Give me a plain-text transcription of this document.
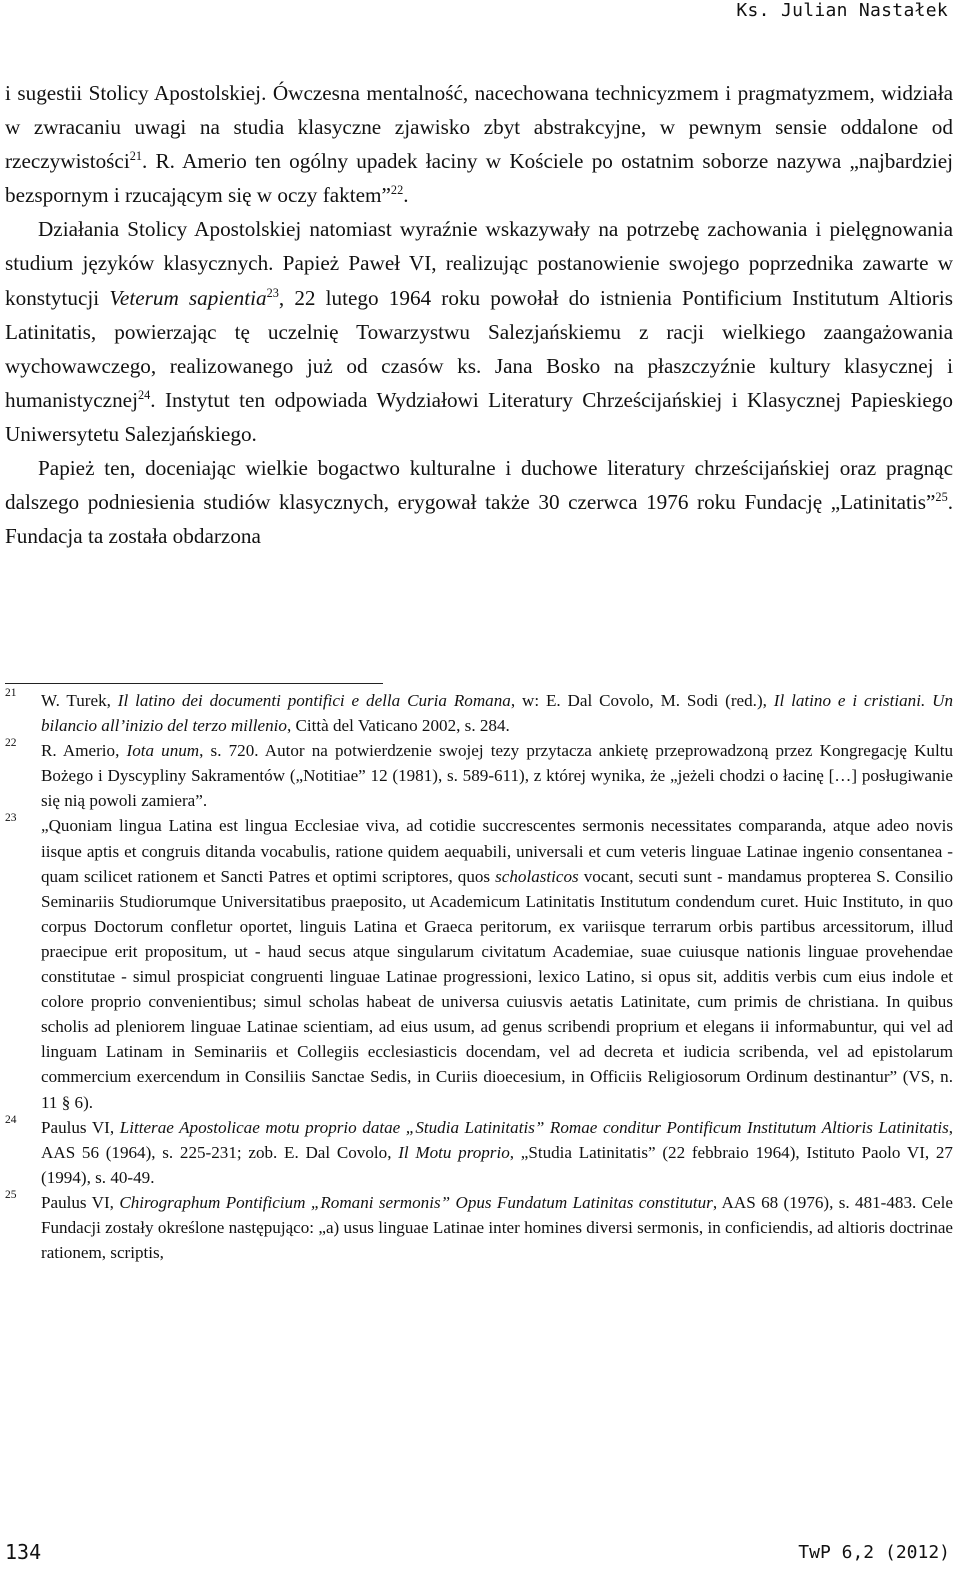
Ks. Julian Nastałek

i sugestii Stolicy Apostolskiej. Ówczesna mentalność, nacechowana technicyzmem i pragmatyzmem, widziała w zwracaniu uwagi na studia klasyczne zjawisko zbyt abstrakcyjne, w pewnym sensie oddalone od rzeczywistości$^{21}$. R. Amerio ten ogólny upadek łaciny w Kościele po ostatnim soborze nazywa „najbardziej bezspornym i rzucającym się w oczy faktem”$^{22}$.

Działania Stolicy Apostolskiej natomiast wyraźnie wskazywały na potrzebę zachowania i pielęgnowania studium języków klasycznych. Papież Paweł VI, realizując postanowienie swojego poprzednika zawarte w konstytucji Veterum sapientia$^{23}$, 22 lutego 1964 roku powołał do istnienia Pontificium Institutum Altioris Latinitatis, powierzając tę uczelnię Towarzystwu Salezjańskiemu z racji wielkiego zaangażowania wychowawczego, realizowanego już od czasów ks. Jana Bosko na płaszczyźnie kultury klasycznej i humanistycznej$^{24}$. Instytut ten odpowiada Wydziałowi Literatury Chrześcijańskiej i Klasycznej Papieskiego Uniwersytetu Salezjańskiego.

Papież ten, doceniając wielkie bogactwo kulturalne i duchowe literatury chrześcijańskiej oraz pragnąc dalszego podniesienia studiów klasycznych, erygował także 30 czerwca 1976 roku Fundację „Latinitatis”$^{25}$. Fundacja ta została obdarzona

21 W. Turek, Il latino dei documenti pontifici e della Curia Romana, w: E. Dal Covolo, M. Sodi (red.), Il latino e i cristiani. Un bilancio all’inizio del terzo millenio, Città del Vaticano 2002, s. 284.
22 R. Amerio, Iota unum, s. 720. Autor na potwierdzenie swojej tezy przytacza ankietę przeprowadzoną przez Kongregację Kultu Bożego i Dyscypliny Sakramentów („Notitiae” 12 (1981), s. 589-611), z której wynika, że „jeżeli chodzi o łacinę […] posługiwanie się nią powoli zamiera”.
23 „Quoniam lingua Latina est lingua Ecclesiae viva, ad cotidie succrescentes sermonis necessitates comparanda, atque adeo novis iisque aptis et congruis ditanda vocabulis, ratione quidem aequabili, universali et cum veteris linguae Latinae ingenio consentanea - quam scilicet rationem et Sancti Patres et optimi scriptores, quos scholasticos vocant, secuti sunt - mandamus propterea S. Consilio Seminariis Studiorumque Universitatibus praeposito, ut Academicum Latinitatis Institutum condendum curet. Huic Instituto, in quo corpus Doctorum confletur oportet, linguis Latina et Graeca peritorum, ex variisque terrarum orbis partibus arcessitorum, illud praecipue erit propositum, ut - haud secus atque singularum civitatum Academiae, suae cuiusque nationis linguae provehendae constitutae - simul prospiciat congruenti linguae Latinae progressioni, lexico Latino, si opus sit, additis verbis cum eius indole et colore proprio convenientibus; simul scholas habeat de universa cuiusvis aetatis Latinitate, cum primis de christiana. In quibus scholis ad pleniorem linguae Latinae scientiam, ad eius usum, ad genus scribendi proprium et elegans ii informabuntur, qui vel ad linguam Latinam in Seminariis et Collegiis ecclesiasticis docendam, vel ad decreta et iudicia scribenda, vel ad epistolarum commercium exercendum in Consiliis Sanctae Sedis, in Curiis dioecesium, in Officiis Religiosorum Ordinum destinantur” (VS, n. 11 § 6).
24 Paulus VI, Litterae Apostolicae motu proprio datae „Studia Latinitatis” Romae conditur Pontificum Institutum Altioris Latinitatis, AAS 56 (1964), s. 225-231; zob. E. Dal Covolo, Il Motu proprio, „Studia Latinitatis” (22 febbraio 1964), Istituto Paolo VI, 27 (1994), s. 40-49.
25 Paulus VI, Chirographum Pontificium „Romani sermonis” Opus Fundatum Latinitas constitutur, AAS 68 (1976), s. 481-483. Cele Fundacji zostały określone następująco: „a) usus linguae Latinae inter homines diversi sermonis, in conficiendis, ad altioris doctrinae rationem, scriptis,
134	TwP 6,2 (2012)
